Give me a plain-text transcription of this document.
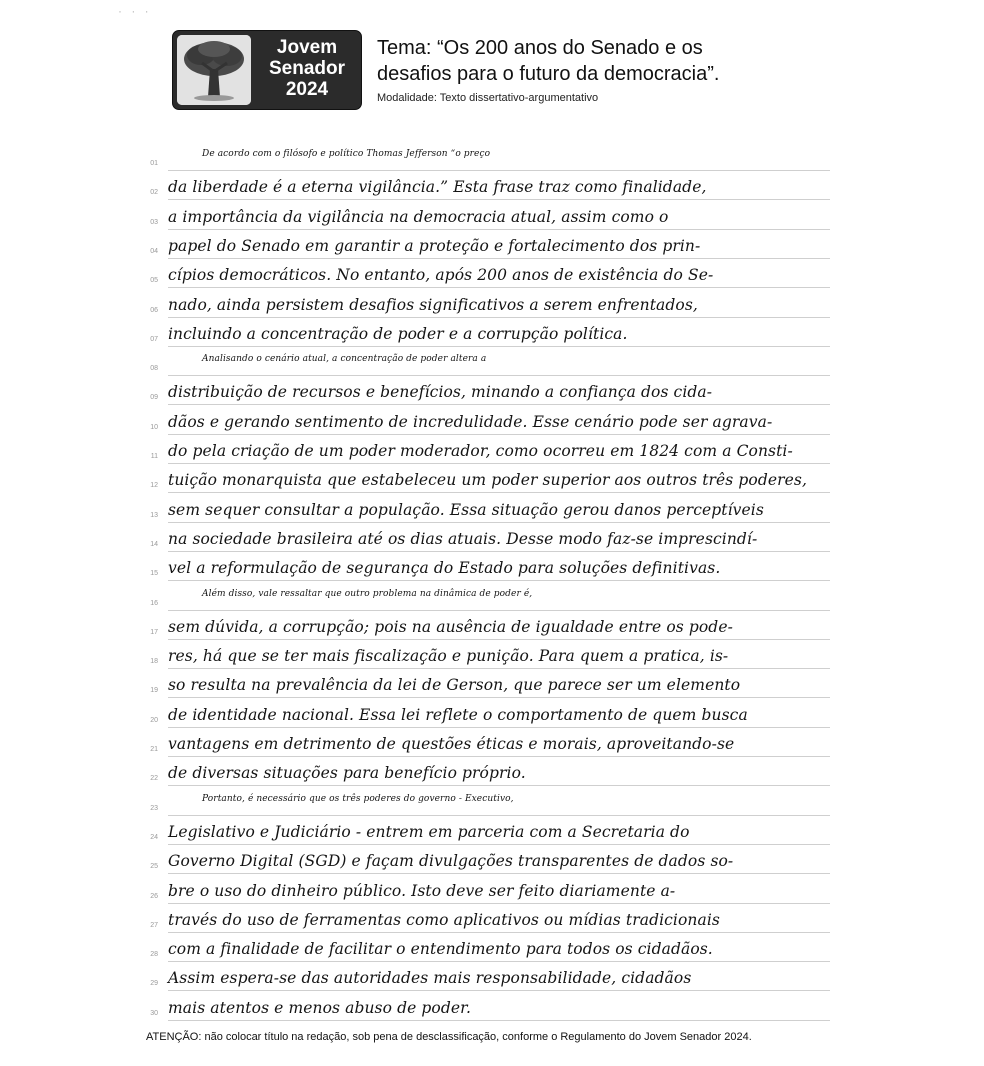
· · ·
Jovem
Senador
2024
Tema: “Os 200 anos do Senado e os
desafios para o futuro da democracia”.
Modalidade: Texto dissertativo-argumentativo
01
De acordo com o filósofo e político Thomas Jefferson “o preço
02 da liberdade é a eterna vigilância.” Esta frase traz como finalidade,
03 a importância da vigilância na democracia atual, assim como o
04 papel do Senado em garantir a proteção e fortalecimento dos prin-
05 cípios democráticos. No entanto, após 200 anos de existência do Se-
06 nado, ainda persistem desafios significativos a serem enfrentados,
07 incluindo a concentração de poder e a corrupção política.
08
Analisando o cenário atual, a concentração de poder altera a
09 distribuição de recursos e benefícios, minando a confiança dos cida-
10 dãos e gerando sentimento de incredulidade. Esse cenário pode ser agrava-
11 do pela criação de um poder moderador, como ocorreu em 1824 com a Consti-
12 tuição monarquista que estabeleceu um poder superior aos outros três poderes,
13 sem sequer consultar a população. Essa situação gerou danos perceptíveis
14 na sociedade brasileira até os dias atuais. Desse modo faz-se imprescindí-
15 vel a reformulação de segurança do Estado para soluções definitivas.
16
Além disso, vale ressaltar que outro problema na dinâmica de poder é,
17 sem dúvida, a corrupção; pois na ausência de igualdade entre os pode-
18 res, há que se ter mais fiscalização e punição. Para quem a pratica, is-
19 so resulta na prevalência da lei de Gerson, que parece ser um elemento
20 de identidade nacional. Essa lei reflete o comportamento de quem busca
21 vantagens em detrimento de questões éticas e morais, aproveitando-se
22 de diversas situações para benefício próprio.
23
Portanto, é necessário que os três poderes do governo - Executivo,
24 Legislativo e Judiciário - entrem em parceria com a Secretaria do
25 Governo Digital (SGD) e façam divulgações transparentes de dados so-
26 bre o uso do dinheiro público. Isto deve ser feito diariamente a-
27 través do uso de ferramentas como aplicativos ou mídias tradicionais
28 com a finalidade de facilitar o entendimento para todos os cidadãos.
29 Assim espera-se das autoridades mais responsabilidade, cidadãos
30 mais atentos e menos abuso de poder.
ATENÇÃO: não colocar título na redação, sob pena de desclassificação, conforme o Regulamento do Jovem Senador 2024.
